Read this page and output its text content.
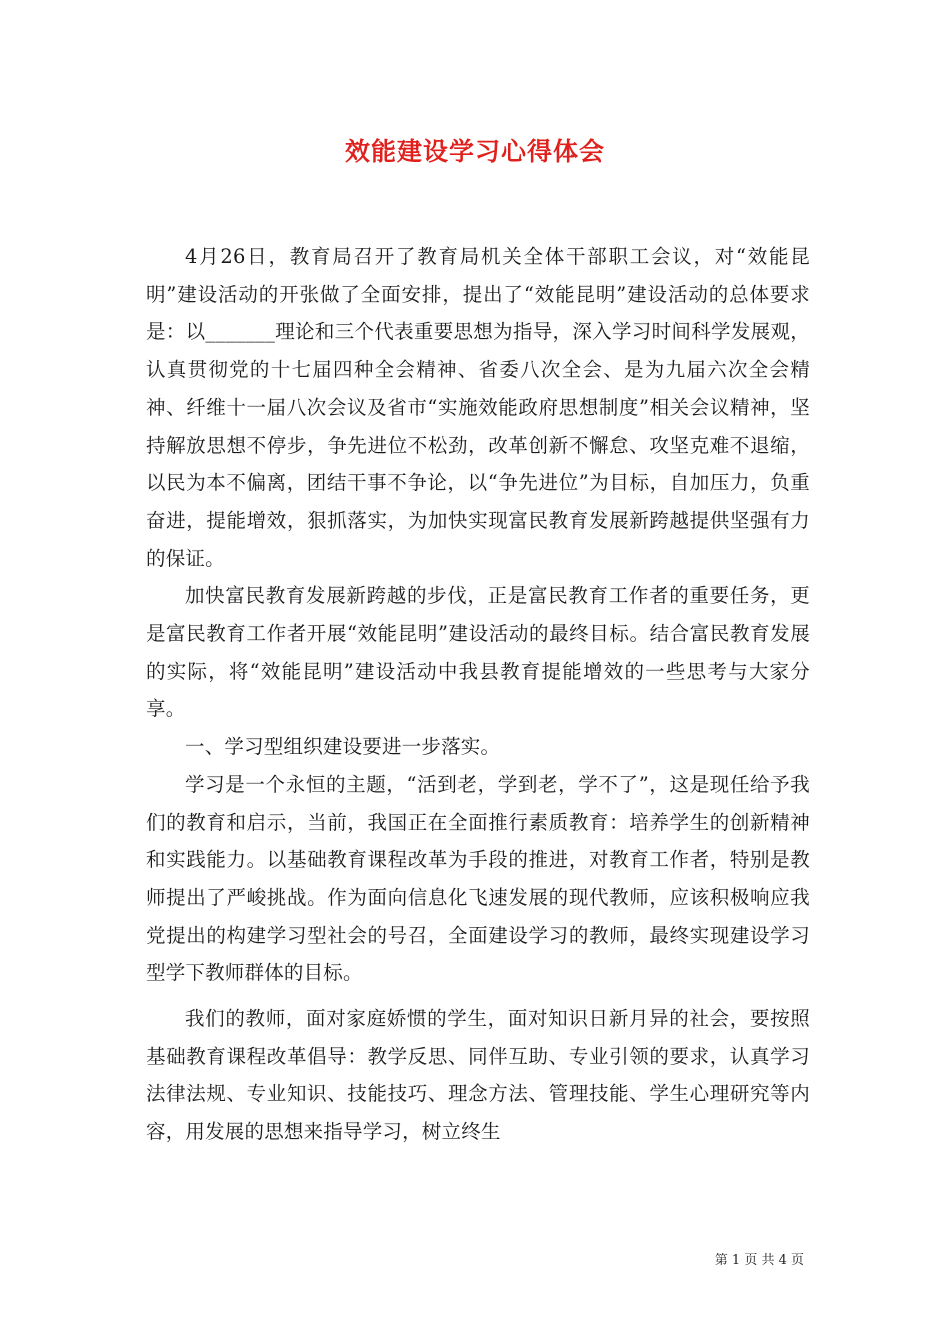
效能建设学习心得体会

4月26日，教育局召开了教育局机关全体干部职工会议，对“效能昆明”建设活动的开张做了全面安排，提出了“效能昆明”建设活动的总体要求是：以_______理论和三个代表重要思想为指导，深入学习时间科学发展观，认真贯彻党的十七届四种全会精神、省委八次全会、是为九届六次全会精神、纤维十一届八次会议及省市“实施效能政府思想制度”相关会议精神，坚持解放思想不停步，争先进位不松劲，改革创新不懈怠、攻坚克难不退缩，以民为本不偏离，团结干事不争论，以“争先进位”为目标，自加压力，负重奋进，提能增效，狠抓落实，为加快实现富民教育发展新跨越提供坚强有力的保证。

加快富民教育发展新跨越的步伐，正是富民教育工作者的重要任务，更是富民教育工作者开展“效能昆明”建设活动的最终目标。结合富民教育发展的实际，将“效能昆明”建设活动中我县教育提能增效的一些思考与大家分享。

一、学习型组织建设要进一步落实。

学习是一个永恒的主题，“活到老，学到老，学不了”，这是现任给予我们的教育和启示，当前，我国正在全面推行素质教育：培养学生的创新精神和实践能力。以基础教育课程改革为手段的推进，对教育工作者，特别是教师提出了严峻挑战。作为面向信息化飞速发展的现代教师，应该积极响应我党提出的构建学习型社会的号召，全面建设学习的教师，最终实现建设学习型学下教师群体的目标。

我们的教师，面对家庭娇惯的学生，面对知识日新月异的社会，要按照基础教育课程改革倡导：教学反思、同伴互助、专业引领的要求，认真学习法律法规、专业知识、技能技巧、理念方法、管理技能、学生心理研究等内容，用发展的思想来指导学习，树立终生

第 1 页 共 4 页
